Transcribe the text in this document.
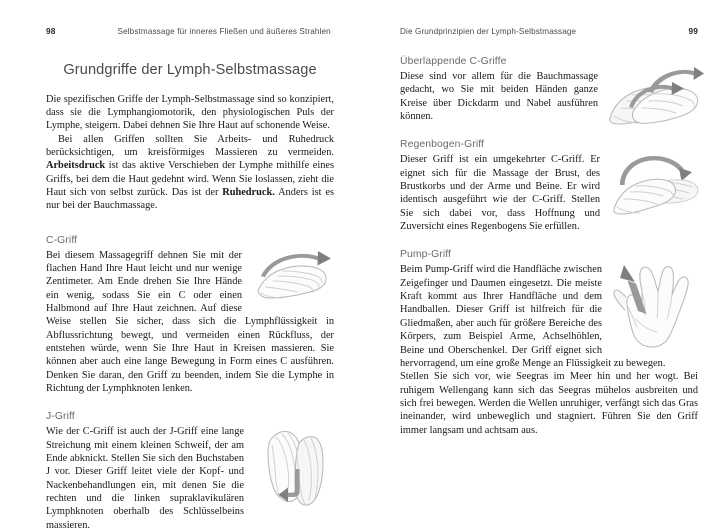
98	Selbstmassage für inneres Fließen und äußeres Strahlen
Grundgriffe der Lymph-Selbstmassage

Die spezifischen Griffe der Lymph-Selbstmassage sind so konzipiert, dass sie die Lymphangiomotorik, den physiologischen Puls der Lymphe, steigern. Dabei dehnen Sie Ihre Haut auf schonende Weise.

Bei allen Griffen sollten Sie Arbeits- und Ruhedruck berücksichtigen, um kreisförmiges Massieren zu vermeiden. Arbeitsdruck ist das aktive Verschieben der Lymphe mithilfe eines Griffs, bei dem die Haut gedehnt wird. Wenn Sie loslassen, zieht die Haut sich von selbst zurück. Das ist der Ruhedruck. Anders ist es nur bei der Bauchmassage.

C-Griff

Bei diesem Massagegriff dehnen Sie mit der flachen Hand Ihre Haut leicht und nur wenige Zentimeter. Am Ende drehen Sie Ihre Hände ein wenig, sodass Sie ein C oder einen Halbmond auf Ihre Haut zeichnen. Auf diese Weise stellen Sie sicher, dass sich die Lymphflüssigkeit in Abflussrichtung bewegt, und vermeiden einen Rückfluss, der entstehen würde, wenn Sie Ihre Haut in Kreisen massieren. Sie können aber auch eine lange Bewegung in Form eines C ausführen. Denken Sie daran, den Griff zu beenden, indem Sie die Lymphe in Richtung der Lymphknoten lenken.

J-Griff

Wie der C-Griff ist auch der J-Griff eine lange Streichung mit einem kleinen Schweif, der am Ende abknickt. Stellen Sie sich den Buchstaben J vor. Dieser Griff leitet viele der Kopf- und Nackenbehandlungen ein, mit denen Sie die rechten und die linken supraklavikulären Lymphknoten oberhalb des Schlüsselbeins massieren.

Die Grundprinzipien der Lymph-Selbstmassage	99
Überlappende C-Griffe

Diese sind vor allem für die Bauchmassage gedacht, wo Sie mit beiden Händen ganze Kreise über Dickdarm und Nabel ausführen können.

Regenbogen-Griff

Dieser Griff ist ein umgekehrter C-Griff. Er eignet sich für die Massage der Brust, des Brustkorbs und der Arme und Beine. Er wird identisch ausgeführt wie der C-Griff. Stellen Sie sich dabei vor, dass Hoffnung und Zuversicht eines Regenbogens Sie erfüllen.

Pump-Griff

Beim Pump-Griff wird die Handfläche zwischen Zeigefinger und Daumen eingesetzt. Die meiste Kraft kommt aus Ihrer Handfläche und dem Handballen. Dieser Griff ist hilfreich für die Gliedmaßen, aber auch für größere Bereiche des Körpers, zum Beispiel Arme, Achselhöhlen, Beine und Oberschenkel. Der Griff eignet sich hervorragend, um eine große Menge an Flüssigkeit zu bewegen.

Stellen Sie sich vor, wie Seegras im Meer hin und her wogt. Bei ruhigem Wellengang kann sich das Seegras mühelos ausbreiten und sich frei bewegen. Werden die Wellen unruhiger, verfängt sich das Gras ineinander, wird unbeweglich und stagniert. Führen Sie den Griff immer langsam und achtsam aus.
